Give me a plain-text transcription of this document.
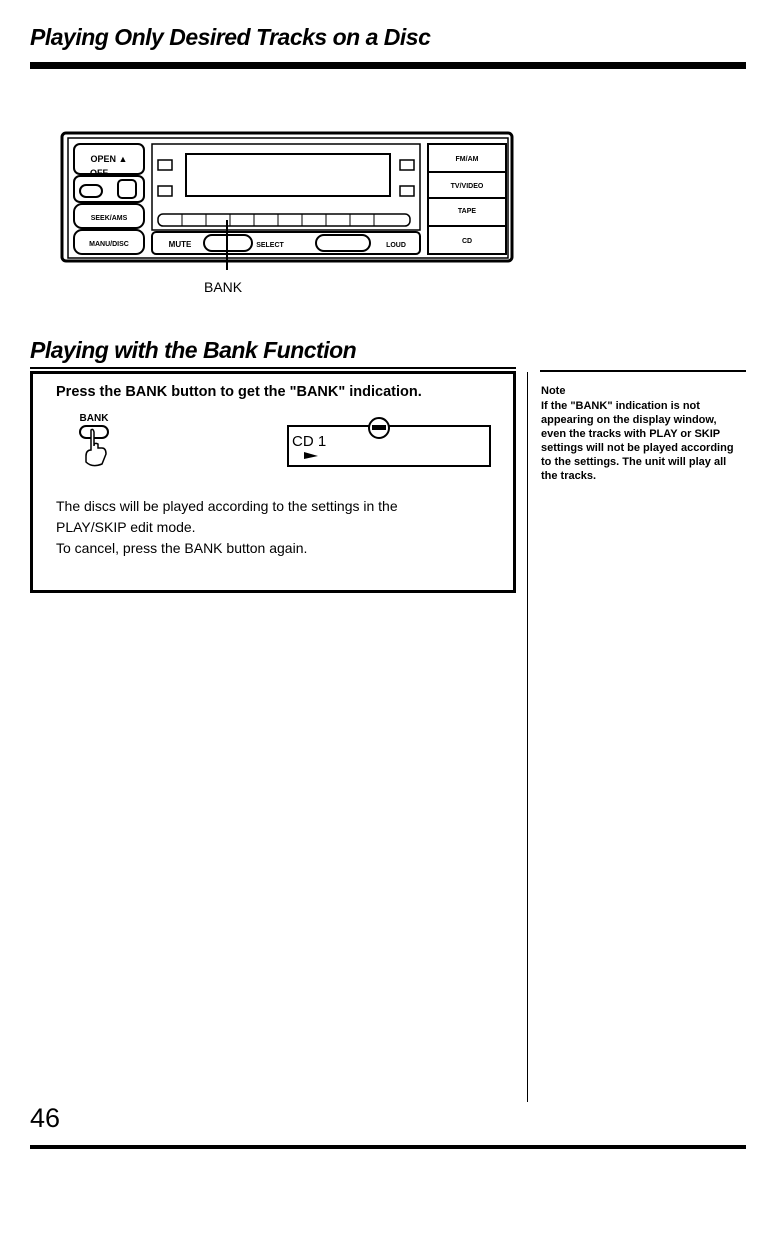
Playing Only Desired Tracks on a Disc
OPEN ▲
OFF
SEEK/AMS
MANU/DISC	MUTE	SELECT	LOUD
FM/AM
TV/VIDEO
TAPE
CD
BANK
Playing with the Bank Function
Press the BANK button to get the "BANK" indication.
BANK
CD 1
The discs will be played according to the settings in the
PLAY/SKIP edit mode.
To cancel, press the BANK button again.
Note
If the "BANK" indication is not appearing on the display window, even the tracks with PLAY or SKIP settings will not be played according to the settings. The unit will play all the tracks.
46
